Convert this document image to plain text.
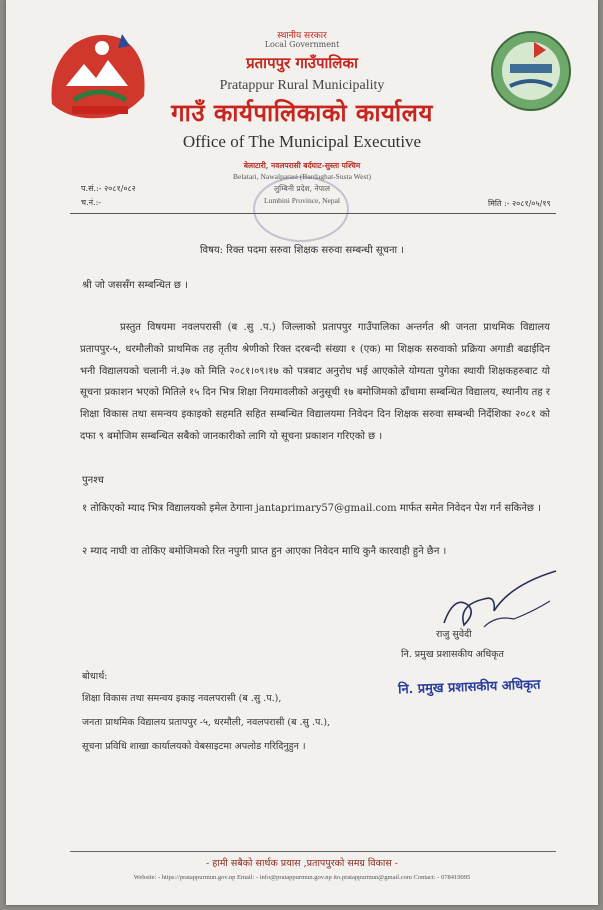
स्थानीय सरकार
Local Government
प्रतापपुर गाउँपालिका
Pratappur Rural Municipality
गाउँ कार्यपालिकाको कार्यालय
Office of The Municipal Executive
बेलाटारी, नवलपरासी बर्दघाट-सुस्ता पश्चिम
Belatari, Nawalparasi (Bardaghat-Susta West)
लुम्बिनी प्रदेश, नेपाल
Lumbini Province, Nepal
प.सं.:- २०८१/०८२
च.नं.:-	मिति :- २०८१/०५/१९
विषय: रिक्त पदमा सरुवा शिक्षक सरुवा सम्बन्धी सूचना ।
श्री जो जससँग सम्बन्धित छ ।
प्रस्तुत विषयमा नवलपरासी (ब .सु .प.) जिल्लाको प्रतापपुर गाउँपालिका अन्तर्गत श्री जनता प्राथमिक विद्यालय प्रतापपुर-५, धरमौलीको प्राथमिक तह तृतीय श्रेणीको रिक्त दरबन्दी संख्या १ (एक) मा शिक्षक सरुवाको प्रक्रिया अगाडी बढाईदिन भनी विद्यालयको चलानी नं.३७ को मिति २०८१।०९।१७ को पत्रबाट अनुरोध भई आएकोले योग्यता पुगेका स्थायी शिक्षकहरुबाट यो सूचना प्रकाशन भएको मितिले १५ दिन भित्र शिक्षा नियमावलीको अनुसूची १७ बमोजिमको ढाँचामा सम्बन्धित विद्यालय, स्थानीय तह र शिक्षा विकास तथा समन्वय इकाइको सहमति सहित सम्बन्धित विद्यालयमा निवेदन दिन शिक्षक सरुवा सम्बन्धी निर्देशिका २०८१ को दफा ९ बमोजिम सम्बन्धित सबैको जानकारीको लागि यो सूचना प्रकाशन गरिएको छ ।
पुनश्च
१ तोकिएको म्याद भित्र विद्यालयको इमेल ठेगाना jantaprimary57@gmail.com मार्फत समेत निवेदन पेश गर्न सकिनेछ ।
२ म्याद नाघी वा तोकिए बमोजिमको रित नपुगी प्राप्त हुन आएका निवेदन माथि कुनै कारवाही हुने छैन ।
राजु सुवेदी
नि. प्रमुख प्रशासकीय अधिकृत
नि. प्रमुख प्रशासकीय अधिकृत
बोधार्थ:
शिक्षा विकास तथा समन्वय इकाइ नवलपरासी (ब .सु .प.),
जनता प्राथमिक विद्यालय प्रतापपुर -५, धरमौली, नवलपरासी (ब .सु .प.),
सूचना प्रविधि शाखा कार्यालयको वेबसाइटमा अपलोड गरिदिनुहुन ।
- हामी सबैको सार्थक प्रयास ,प्रतापपुरको समग्र विकास -
Website: - https://pratappurmun.gov.np Email: - info@pratappurmun.gov.np ito.pratappurmun@gmail.com Contact: - 078419095
